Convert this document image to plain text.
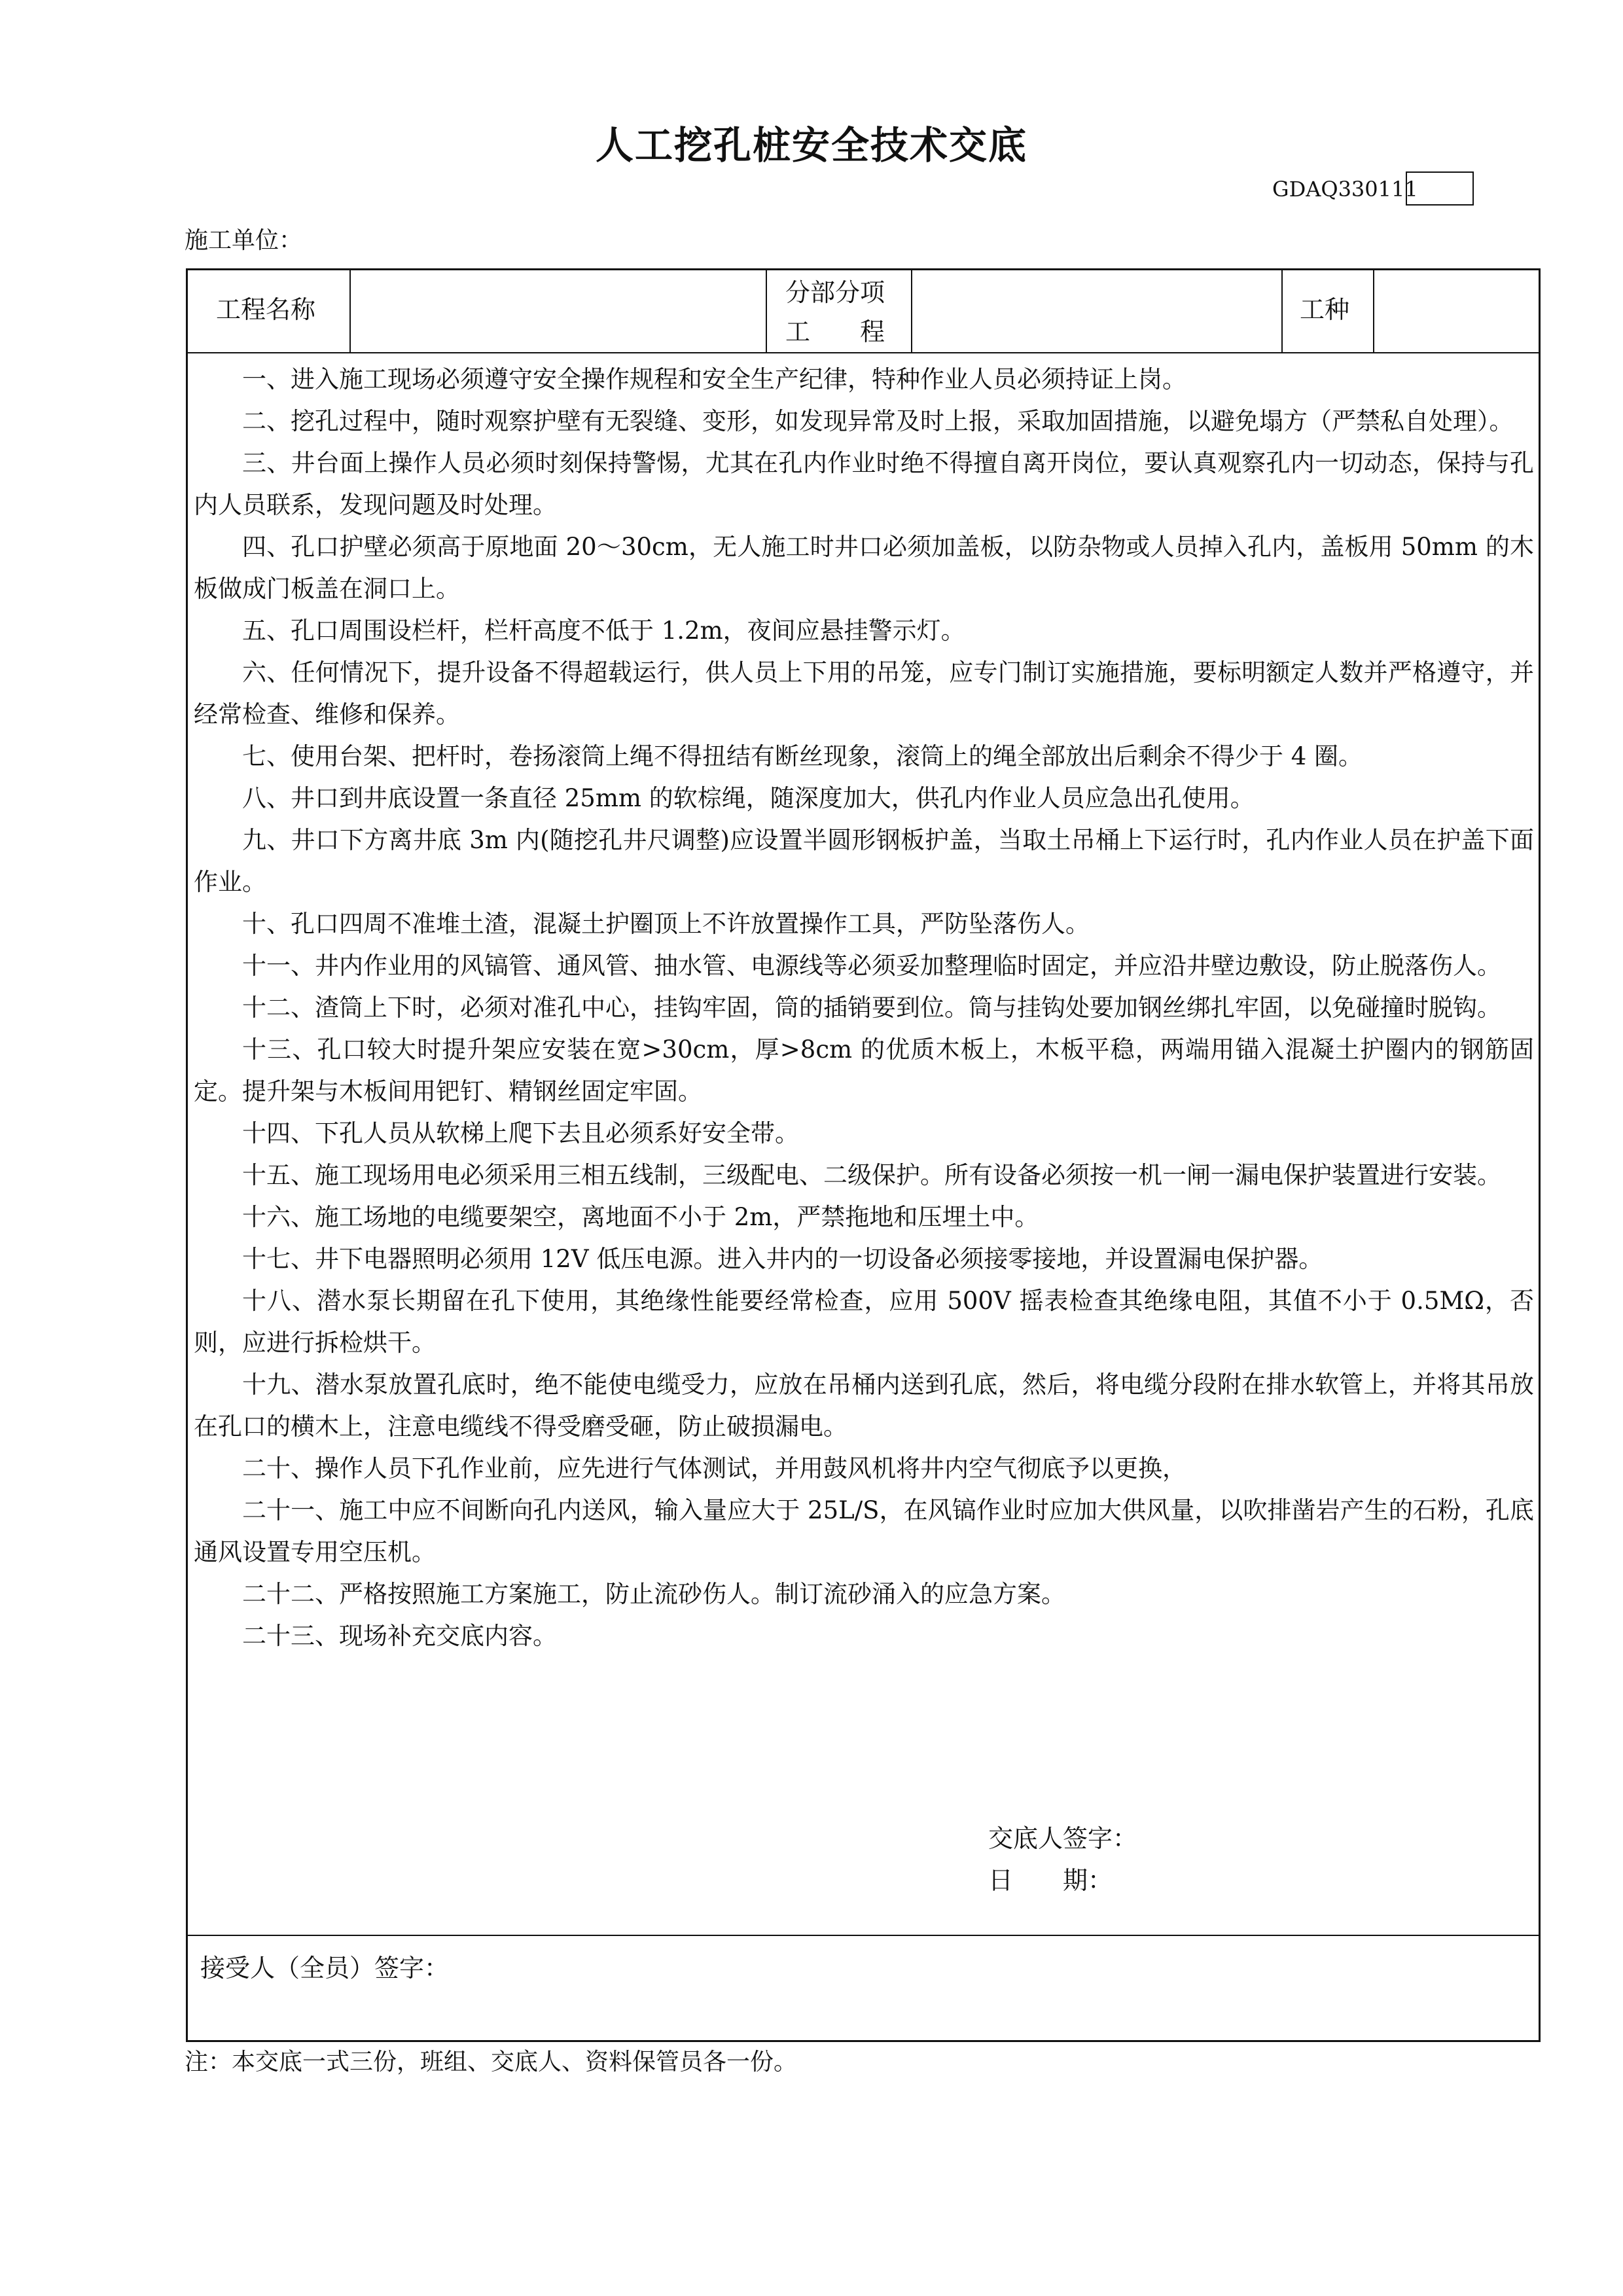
人工挖孔桩安全技术交底
GDAQ330111
施工单位：
工程名称
分部分项
工　　程
工种

一、进入施工现场必须遵守安全操作规程和安全生产纪律，特种作业人员必须持证上岗。

二、挖孔过程中，随时观察护壁有无裂缝、变形，如发现异常及时上报，采取加固措施，以避免塌方（严禁私自处理）。

三、井台面上操作人员必须时刻保持警惕，尤其在孔内作业时绝不得擅自离开岗位，要认真观察孔内一切动态，保持与孔内人员联系，发现问题及时处理。

四、孔口护壁必须高于原地面 20～30cm，无人施工时井口必须加盖板，以防杂物或人员掉入孔内，盖板用 50mm 的木板做成门板盖在洞口上。

五、孔口周围设栏杆，栏杆高度不低于 1.2m，夜间应悬挂警示灯。

六、任何情况下，提升设备不得超载运行，供人员上下用的吊笼，应专门制订实施措施，要标明额定人数并严格遵守，并经常检查、维修和保养。

七、使用台架、把杆时，卷扬滚筒上绳不得扭结有断丝现象，滚筒上的绳全部放出后剩余不得少于 4 圈。

八、井口到井底设置一条直径 25mm 的软棕绳，随深度加大，供孔内作业人员应急出孔使用。

九、井口下方离井底 3m 内(随挖孔井尺调整)应设置半圆形钢板护盖，当取土吊桶上下运行时，孔内作业人员在护盖下面作业。

十、孔口四周不准堆土渣，混凝土护圈顶上不许放置操作工具，严防坠落伤人。

十一、井内作业用的风镐管、通风管、抽水管、电源线等必须妥加整理临时固定，并应沿井壁边敷设，防止脱落伤人。

十二、渣筒上下时，必须对准孔中心，挂钩牢固，筒的插销要到位。筒与挂钩处要加钢丝绑扎牢固，以免碰撞时脱钩。

十三、孔口较大时提升架应安装在宽>30cm，厚>8cm 的优质木板上，木板平稳，两端用锚入混凝土护圈内的钢筋固定。提升架与木板间用钯钉、精钢丝固定牢固。

十四、下孔人员从软梯上爬下去且必须系好安全带。

十五、施工现场用电必须采用三相五线制，三级配电、二级保护。所有设备必须按一机一闸一漏电保护装置进行安装。

十六、施工场地的电缆要架空，离地面不小于 2m，严禁拖地和压埋土中。

十七、井下电器照明必须用 12V 低压电源。进入井内的一切设备必须接零接地，并设置漏电保护器。

十八、潜水泵长期留在孔下使用，其绝缘性能要经常检查，应用 500V 摇表检查其绝缘电阻，其值不小于 0.5MΩ，否则，应进行拆检烘干。

十九、潜水泵放置孔底时，绝不能使电缆受力，应放在吊桶内送到孔底，然后，将电缆分段附在排水软管上，并将其吊放在孔口的横木上，注意电缆线不得受磨受砸，防止破损漏电。

二十、操作人员下孔作业前，应先进行气体测试，并用鼓风机将井内空气彻底予以更换，

二十一、施工中应不间断向孔内送风，输入量应大于 25L/S，在风镐作业时应加大供风量，以吹排凿岩产生的石粉，孔底通风设置专用空压机。

二十二、严格按照施工方案施工，防止流砂伤人。制订流砂涌入的应急方案。

二十三、现场补充交底内容。

交底人签字：
日　　期：
接受人（全员）签字：
注：本交底一式三份，班组、交底人、资料保管员各一份。
